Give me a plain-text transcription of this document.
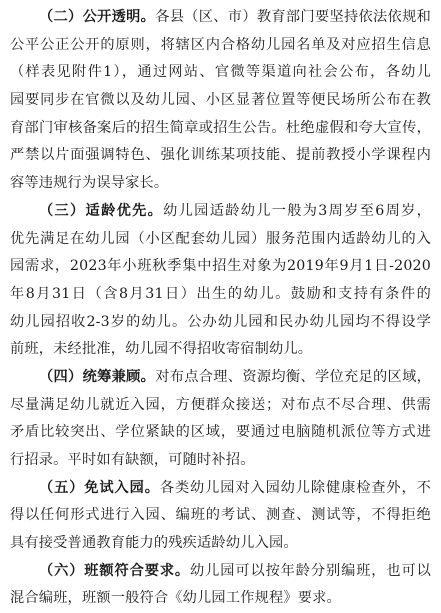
（二）公开透明。各县（区、市）教育部门要坚持依法依规和
公平公正公开的原则，将辖区内合格幼儿园名单及对应招生信息
（样表见附件1），通过网站、官微等渠道向社会公布，各幼儿
园要同步在官微以及幼儿园、小区显著位置等便民场所公布在教
育部门审核备案后的招生简章或招生公告。杜绝虚假和夸大宣传，
严禁以片面强调特色、强化训练某项技能、提前教授小学课程内
容等违规行为误导家长。
（三）适龄优先。幼儿园适龄幼儿一般为3周岁至6周岁，
优先满足在幼儿园（小区配套幼儿园）服务范围内适龄幼儿的入
园需求，2023年小班秋季集中招生对象为2019年9月1日-2020
年8月31日（含8月31日）出生的幼儿。鼓励和支持有条件的
幼儿园招收2-3岁的幼儿。公办幼儿园和民办幼儿园均不得设学
前班，未经批准，幼儿园不得招收寄宿制幼儿。
（四）统筹兼顾。对布点合理、资源均衡、学位充足的区域，
尽量满足幼儿就近入园，方便群众接送；对布点不尽合理、供需
矛盾比较突出、学位紧缺的区域，要通过电脑随机派位等方式进
行招录。平时如有缺额，可随时补招。
（五）免试入园。各类幼儿园对入园幼儿除健康检查外，不
得以任何形式进行入园、编班的考试、测查、测试等，不得拒绝
具有接受普通教育能力的残疾适龄幼儿入园。
（六）班额符合要求。幼儿园可以按年龄分别编班，也可以
混合编班，班额一般符合《幼儿园工作规程》要求。
